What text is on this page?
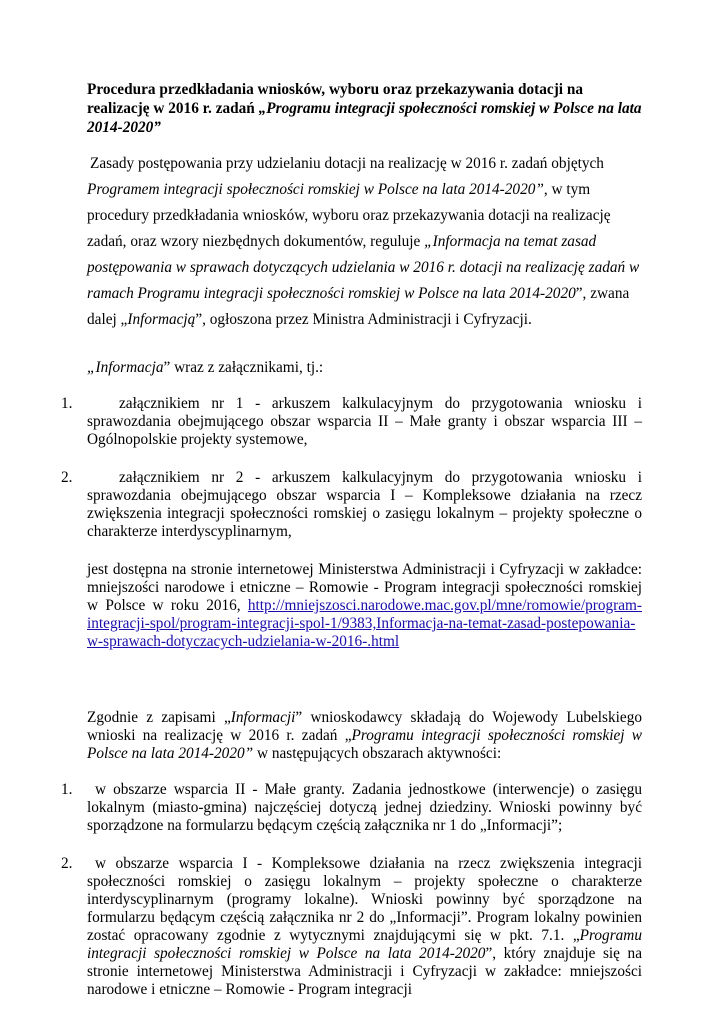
Procedura przedkładania wniosków, wyboru oraz przekazywania dotacji na realizację w 2016 r. zadań „Programu integracji społeczności romskiej w Polsce na lata 2014-2020”

Zasady postępowania przy udzielaniu dotacji na realizację w 2016 r. zadań objętych Programem integracji społeczności romskiej w Polsce na lata 2014-2020”, w tym procedury przedkładania wniosków, wyboru oraz przekazywania dotacji na realizację zadań, oraz wzory niezbędnych dokumentów, reguluje „Informacja na temat zasad postępowania w sprawach dotyczących udzielania w 2016 r. dotacji na realizację zadań w ramach Programu integracji społeczności romskiej w Polsce na lata 2014-2020”, zwana dalej „Informacją”, ogłoszona przez Ministra Administracji i Cyfryzacji.

„Informacja” wraz z załącznikami, tj.:

1.	załącznikiem nr 1 - arkuszem kalkulacyjnym do przygotowania wniosku i sprawozdania obejmującego obszar wsparcia II – Małe granty i obszar wsparcia III – Ogólnopolskie projekty systemowe,
2.	załącznikiem nr 2 - arkuszem kalkulacyjnym do przygotowania wniosku i sprawozdania obejmującego obszar wsparcia I – Kompleksowe działania na rzecz zwiększenia integracji społeczności romskiej o zasięgu lokalnym – projekty społeczne o charakterze interdyscyplinarnym,

jest dostępna na stronie internetowej Ministerstwa Administracji i Cyfryzacji w zakładce: mniejszości narodowe i etniczne – Romowie - Program integracji społeczności romskiej w Polsce w roku 2016, http://mniejszosci.narodowe.mac.gov.pl/mne/romowie/program-integracji-spol/program-integracji-spol-1/9383,Informacja-na-temat-zasad-postepowania-w-sprawach-dotyczacych-udzielania-w-2016-.html

Zgodnie z zapisami „Informacji” wnioskodawcy składają do Wojewody Lubelskiego wnioski na realizację w 2016 r. zadań „Programu integracji społeczności romskiej w Polsce na lata 2014-2020” w następujących obszarach aktywności:

1. w obszarze wsparcia II - Małe granty. Zadania jednostkowe (interwencje) o zasięgu lokalnym (miasto-gmina) najczęściej dotyczą jednej dziedziny. Wnioski powinny być sporządzone na formularzu będącym częścią załącznika nr 1 do „Informacji”;
2. w obszarze wsparcia I - Kompleksowe działania na rzecz zwiększenia integracji społeczności romskiej o zasięgu lokalnym – projekty społeczne o charakterze interdyscyplinarnym (programy lokalne). Wnioski powinny być sporządzone na formularzu będącym częścią załącznika nr 2 do „Informacji”. Program lokalny powinien zostać opracowany zgodnie z wytycznymi znajdującymi się w pkt. 7.1. „Programu integracji społeczności romskiej w Polsce na lata 2014-2020”, który znajduje się na stronie internetowej Ministerstwa Administracji i Cyfryzacji w zakładce: mniejszości narodowe i etniczne – Romowie - Program integracji
